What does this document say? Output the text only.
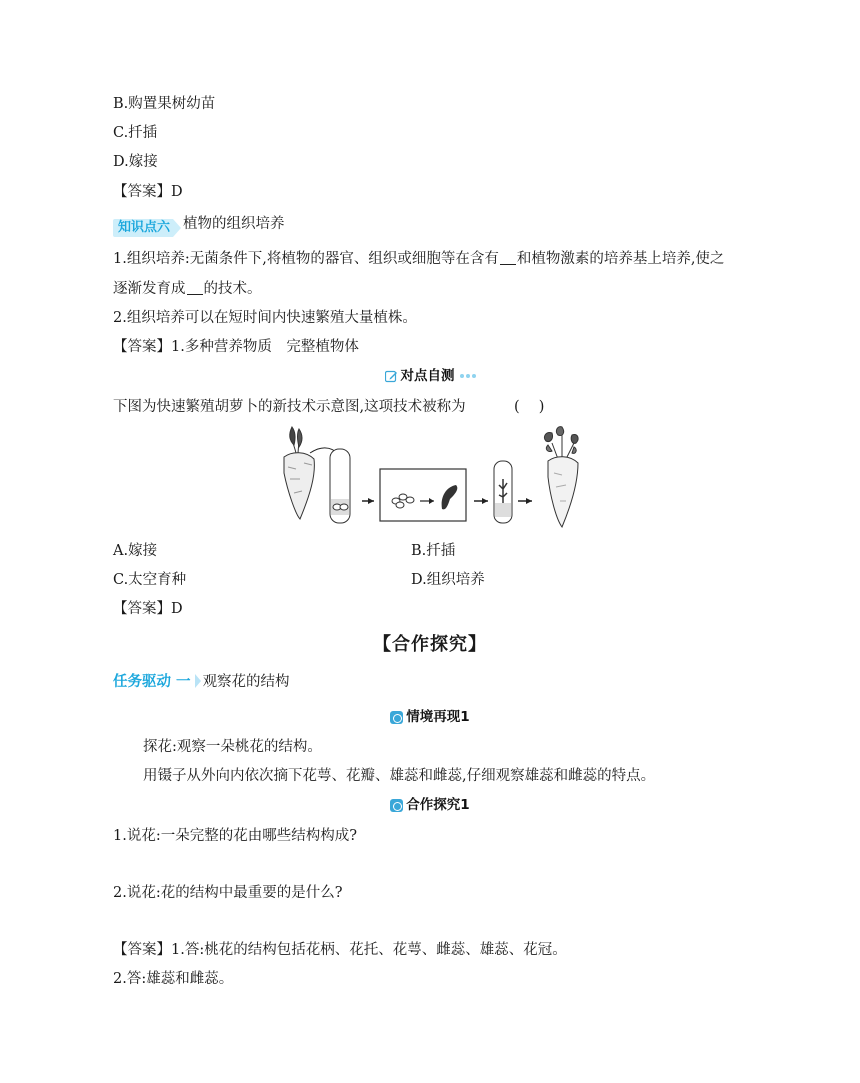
B.购置果树幼苗
C.扦插
D.嫁接
【答案】D
知识点六 植物的组织培养
1.组织培养:无菌条件下,将植物的器官、组织或细胞等在含有 和植物激素的培养基上培养,使之
逐渐发育成 的技术。
2.组织培养可以在短时间内快速繁殖大量植株。
【答案】1.多种营养物质　完整植物体
对点自测
下图为快速繁殖胡萝卜的新技术示意图,这项技术被称为	(　 )
A.嫁接	B.扦插
C.太空育种	D.组织培养
【答案】D
【合作探究】
任务驱动 一 观察花的结构
情境再现1
探花:观察一朵桃花的结构。
用镊子从外向内依次摘下花萼、花瓣、雄蕊和雌蕊,仔细观察雄蕊和雌蕊的特点。
合作探究1
1.说花:一朵完整的花由哪些结构构成?
2.说花:花的结构中最重要的是什么?
【答案】1.答:桃花的结构包括花柄、花托、花萼、雌蕊、雄蕊、花冠。
2.答:雄蕊和雌蕊。
